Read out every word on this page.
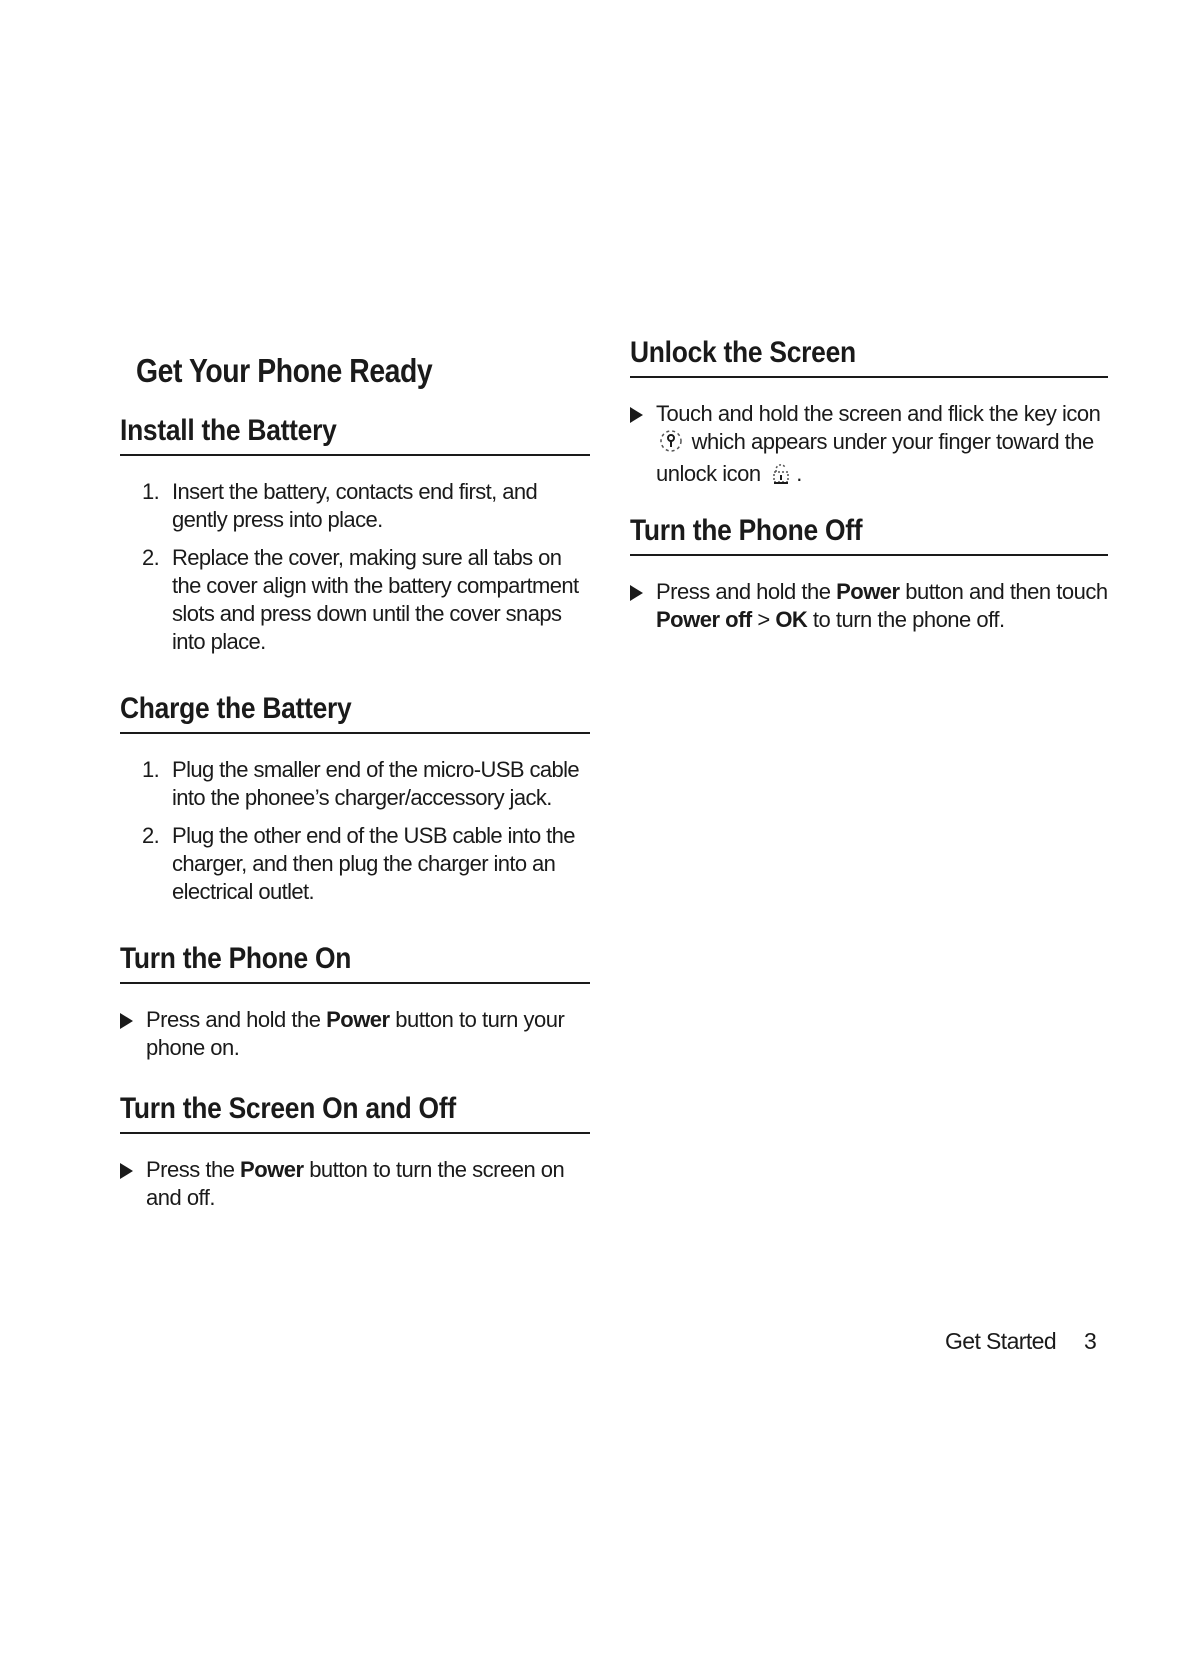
Get Your Phone Ready
Install the Battery
1. Insert the battery, contacts end first, and gently press into place.
2. Replace the cover, making sure all tabs on the cover align with the battery compartment slots and press down until the cover snaps into place.
Charge the Battery
1. Plug the smaller end of the micro-USB cable into the phonee’s charger/accessory jack.
2. Plug the other end of the USB cable into the charger, and then plug the charger into an electrical outlet.
Turn the Phone On
Press and hold the Power button to turn your phone on.
Turn the Screen On and Off
Press the Power button to turn the screen on and off.
Unlock the Screen
Touch and hold the screen and flick the key icon  which appears under your finger toward the unlock icon .
Turn the Phone Off
Press and hold the Power button and then touch Power off > OK to turn the phone off.
Get Started 3
